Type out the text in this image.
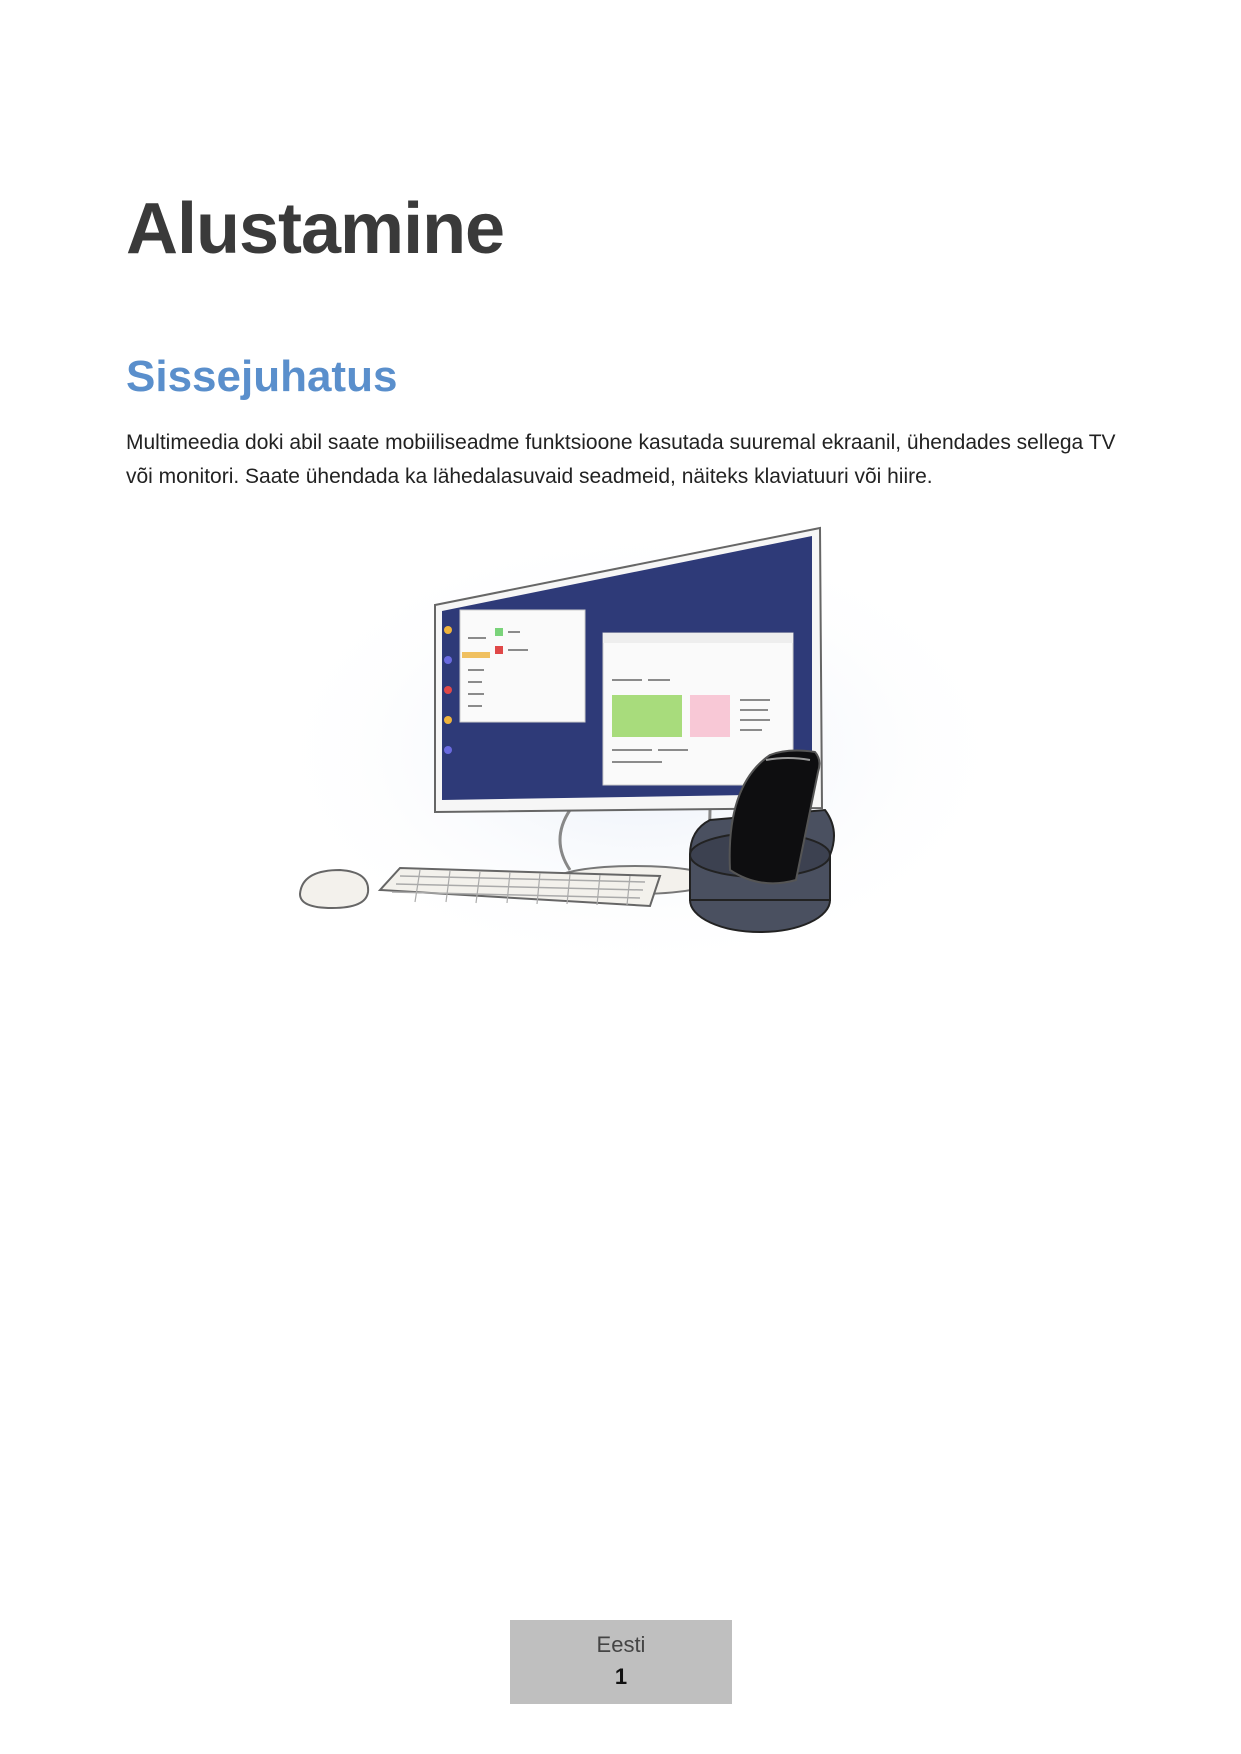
Alustamine
Sissejuhatus

Multimeedia doki abil saate mobiiliseadme funktsioone kasutada suuremal ekraanil, ühendades sellega TV või monitori. Saate ühendada ka lähedalasuvaid seadmeid, näiteks klaviatuuri või hiire.

Eesti
1
